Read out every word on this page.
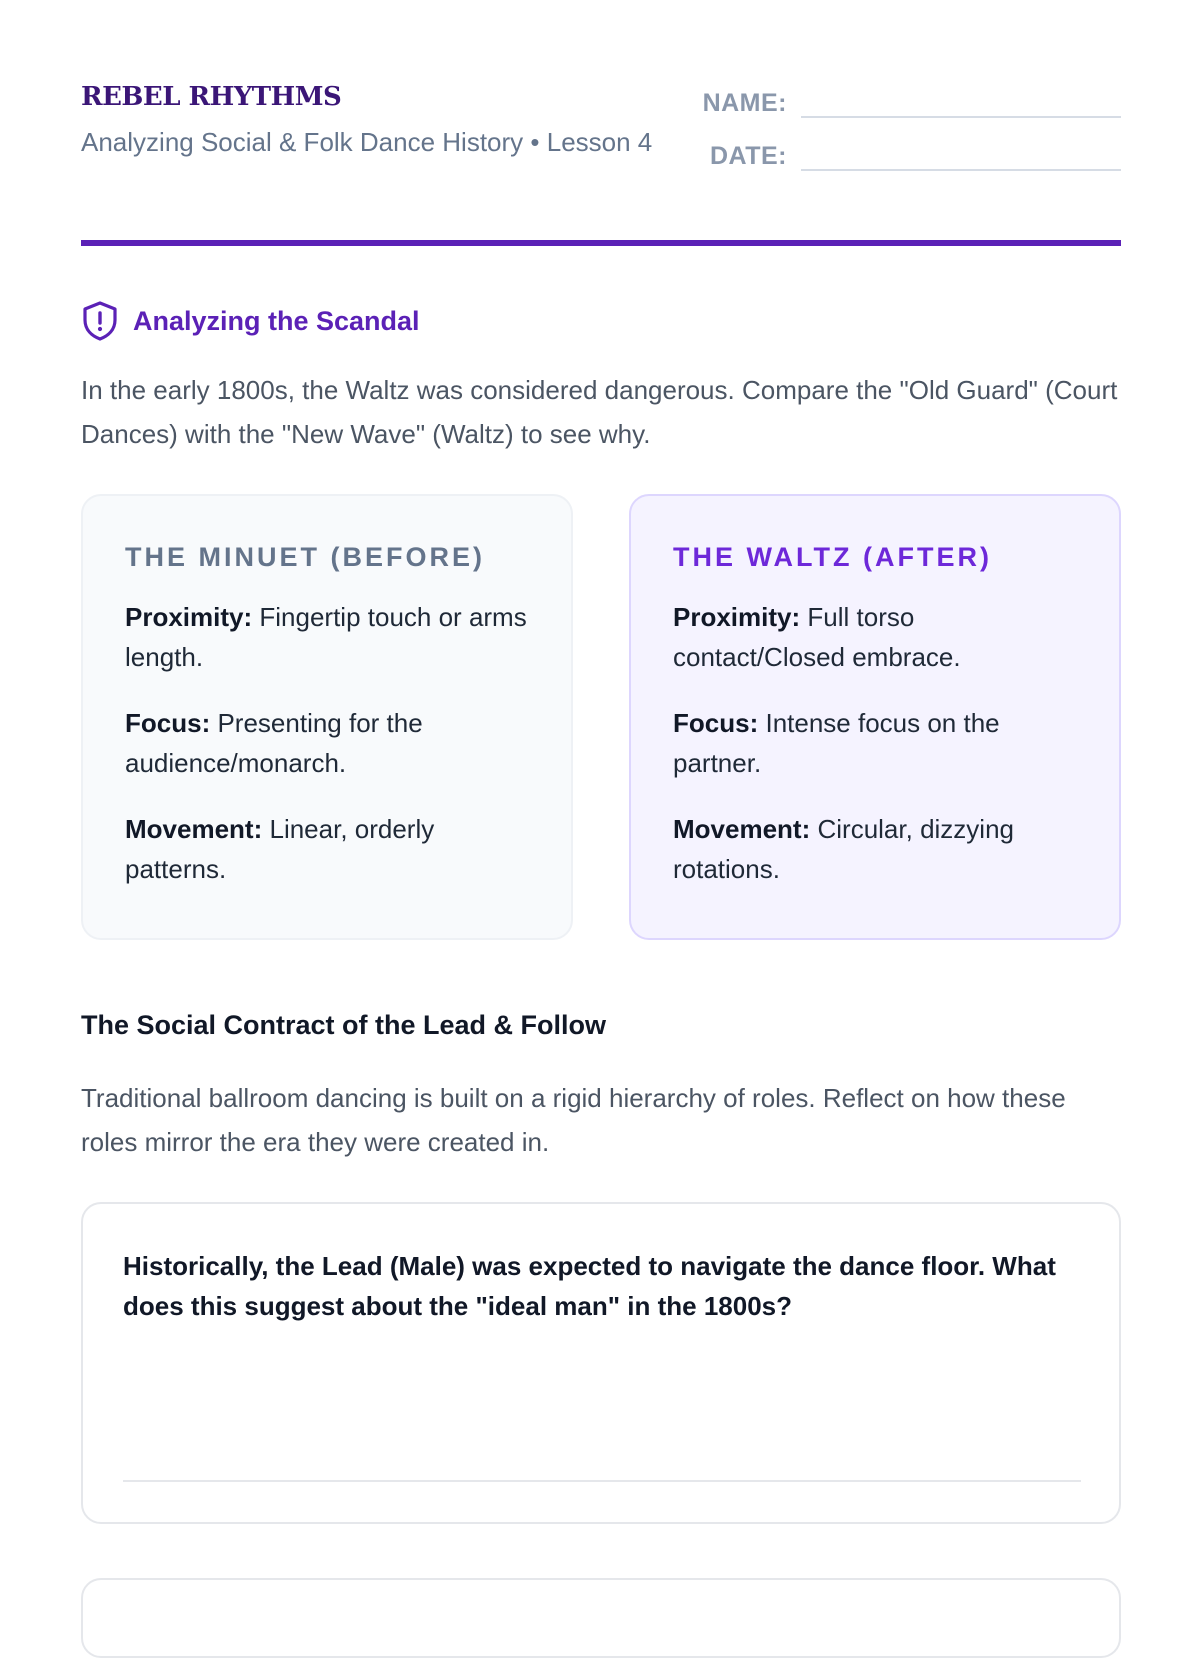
REBEL RHYTHMS
Analyzing Social & Folk Dance History • Lesson 4
NAME:
DATE:
Analyzing the Scandal

In the early 1800s, the Waltz was considered dangerous. Compare the "Old Guard" (Court Dances) with the "New Wave" (Waltz) to see why.

THE MINUET (BEFORE)
Proximity: Fingertip touch or arms length.
Focus: Presenting for the audience/monarch.
Movement: Linear, orderly patterns.
THE WALTZ (AFTER)
Proximity: Full torso contact/Closed embrace.
Focus: Intense focus on the partner.
Movement: Circular, dizzying rotations.
The Social Contract of the Lead & Follow

Traditional ballroom dancing is built on a rigid hierarchy of roles. Reflect on how these roles mirror the era they were created in.

Historically, the Lead (Male) was expected to navigate the dance floor. What does this suggest about the "ideal man" in the 1800s?
